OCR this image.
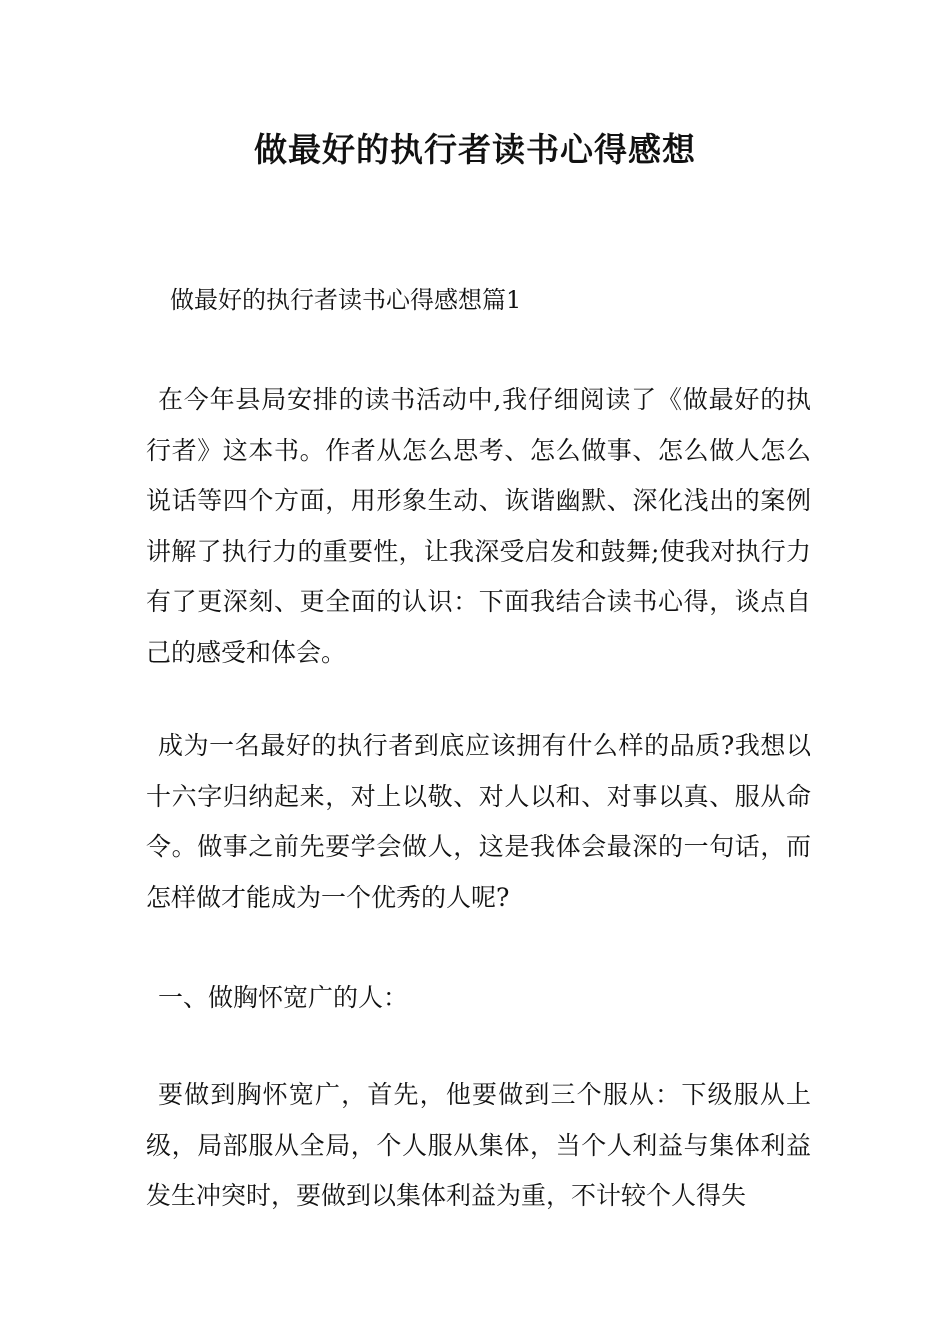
做最好的执行者读书心得感想
做最好的执行者读书心得感想篇1

在今年县局安排的读书活动中,我仔细阅读了《做最好的执行者》这本书。作者从怎么思考、怎么做事、怎么做人怎么说话等四个方面，用形象生动、诙谐幽默、深化浅出的案例讲解了执行力的重要性，让我深受启发和鼓舞;使我对执行力有了更深刻、更全面的认识：下面我结合读书心得，谈点自己的感受和体会。

成为一名最好的执行者到底应该拥有什么样的品质?我想以十六字归纳起来，对上以敬、对人以和、对事以真、服从命令。做事之前先要学会做人，这是我体会最深的一句话，而怎样做才能成为一个优秀的人呢?

一、做胸怀宽广的人：

要做到胸怀宽广，首先，他要做到三个服从：下级服从上级，局部服从全局，个人服从集体，当个人利益与集体利益发生冲突时，要做到以集体利益为重，不计较个人得失
